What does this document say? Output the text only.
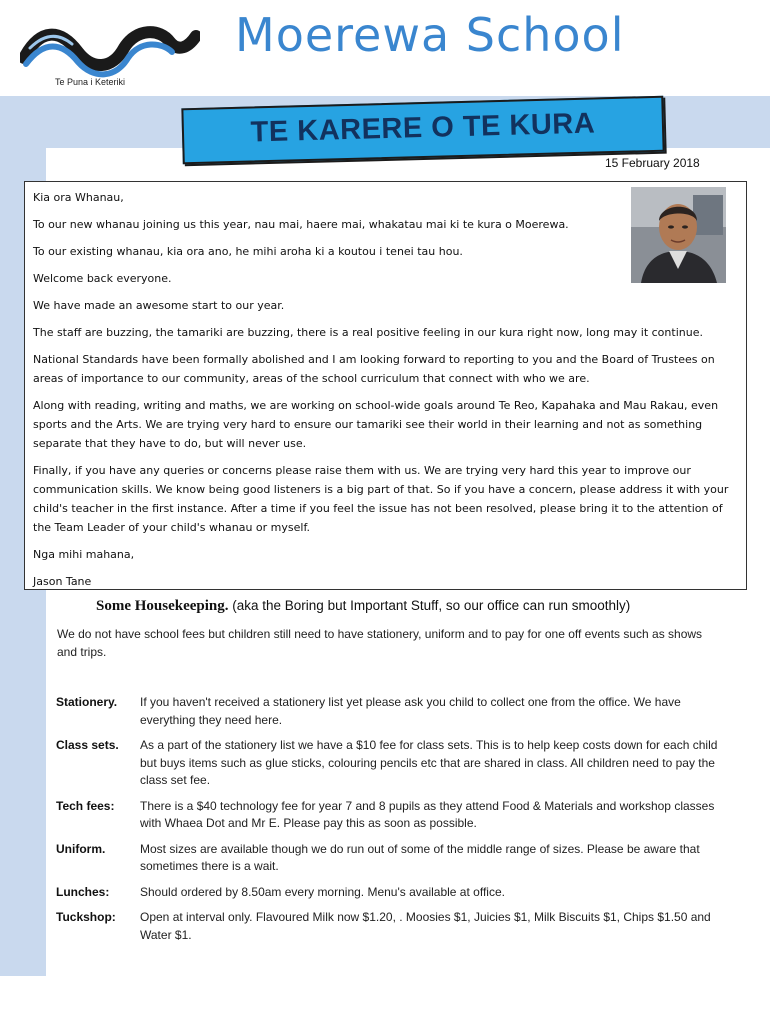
Te Puna i Keteriki
Moerewa School
TE KARERE O TE KURA
15 February 2018

Kia ora Whanau,

To our new whanau joining us this year, nau mai, haere mai, whakatau mai ki te kura o Moerewa.

To our existing whanau, kia ora ano, he mihi aroha ki a koutou i tenei tau hou.

Welcome back everyone.

We have made an awesome start to our year.

The staff are buzzing, the tamariki are buzzing, there is a real positive feeling in our kura right now, long may it continue.

National Standards have been formally abolished and I am looking forward to reporting to you and the Board of Trustees on areas of importance to our community, areas of the school curriculum that connect with who we are.

Along with reading, writing and maths, we are working on school-wide goals around Te Reo, Kapahaka and Mau Rakau, even sports and the Arts. We are trying very hard to ensure our tamariki see their world in their learning and not as something separate that they have to do, but will never use.

Finally, if you have any queries or concerns please raise them with us. We are trying very hard this year to improve our communication skills. We know being good listeners is a big part of that. So if you have a concern, please address it with your child's teacher in the first instance. After a time if you feel the issue has not been resolved, please bring it to the attention of the Team Leader of your child's whanau or myself.

Nga mihi mahana,

Jason Tane

Some Housekeeping. (aka the Boring but Important Stuff, so our office can run smoothly)
We do not have school fees but children still need to have stationery, uniform and to pay for one off events such as shows and trips.
Stationery.	If you haven't received a stationery list yet please ask you child to collect one from the office. We have everything they need here.
Class sets.	As a part of the stationery list we have a $10 fee for class sets. This is to help keep costs down for each child but buys items such as glue sticks, colouring pencils etc that are shared in class. All children need to pay the class set fee.
Tech fees:	There is a $40 technology fee for year 7 and 8 pupils as they attend Food & Materials and workshop classes with Whaea Dot and Mr E. Please pay this as soon as possible.
Uniform.	Most sizes are available though we do run out of some of the middle range of sizes. Please be aware that sometimes there is a wait.
Lunches:	Should ordered by 8.50am every morning. Menu's available at office.
Tuckshop:	Open at interval only. Flavoured Milk now $1.20, . Moosies $1, Juicies $1, Milk Biscuits $1, Chips $1.50 and Water $1.
